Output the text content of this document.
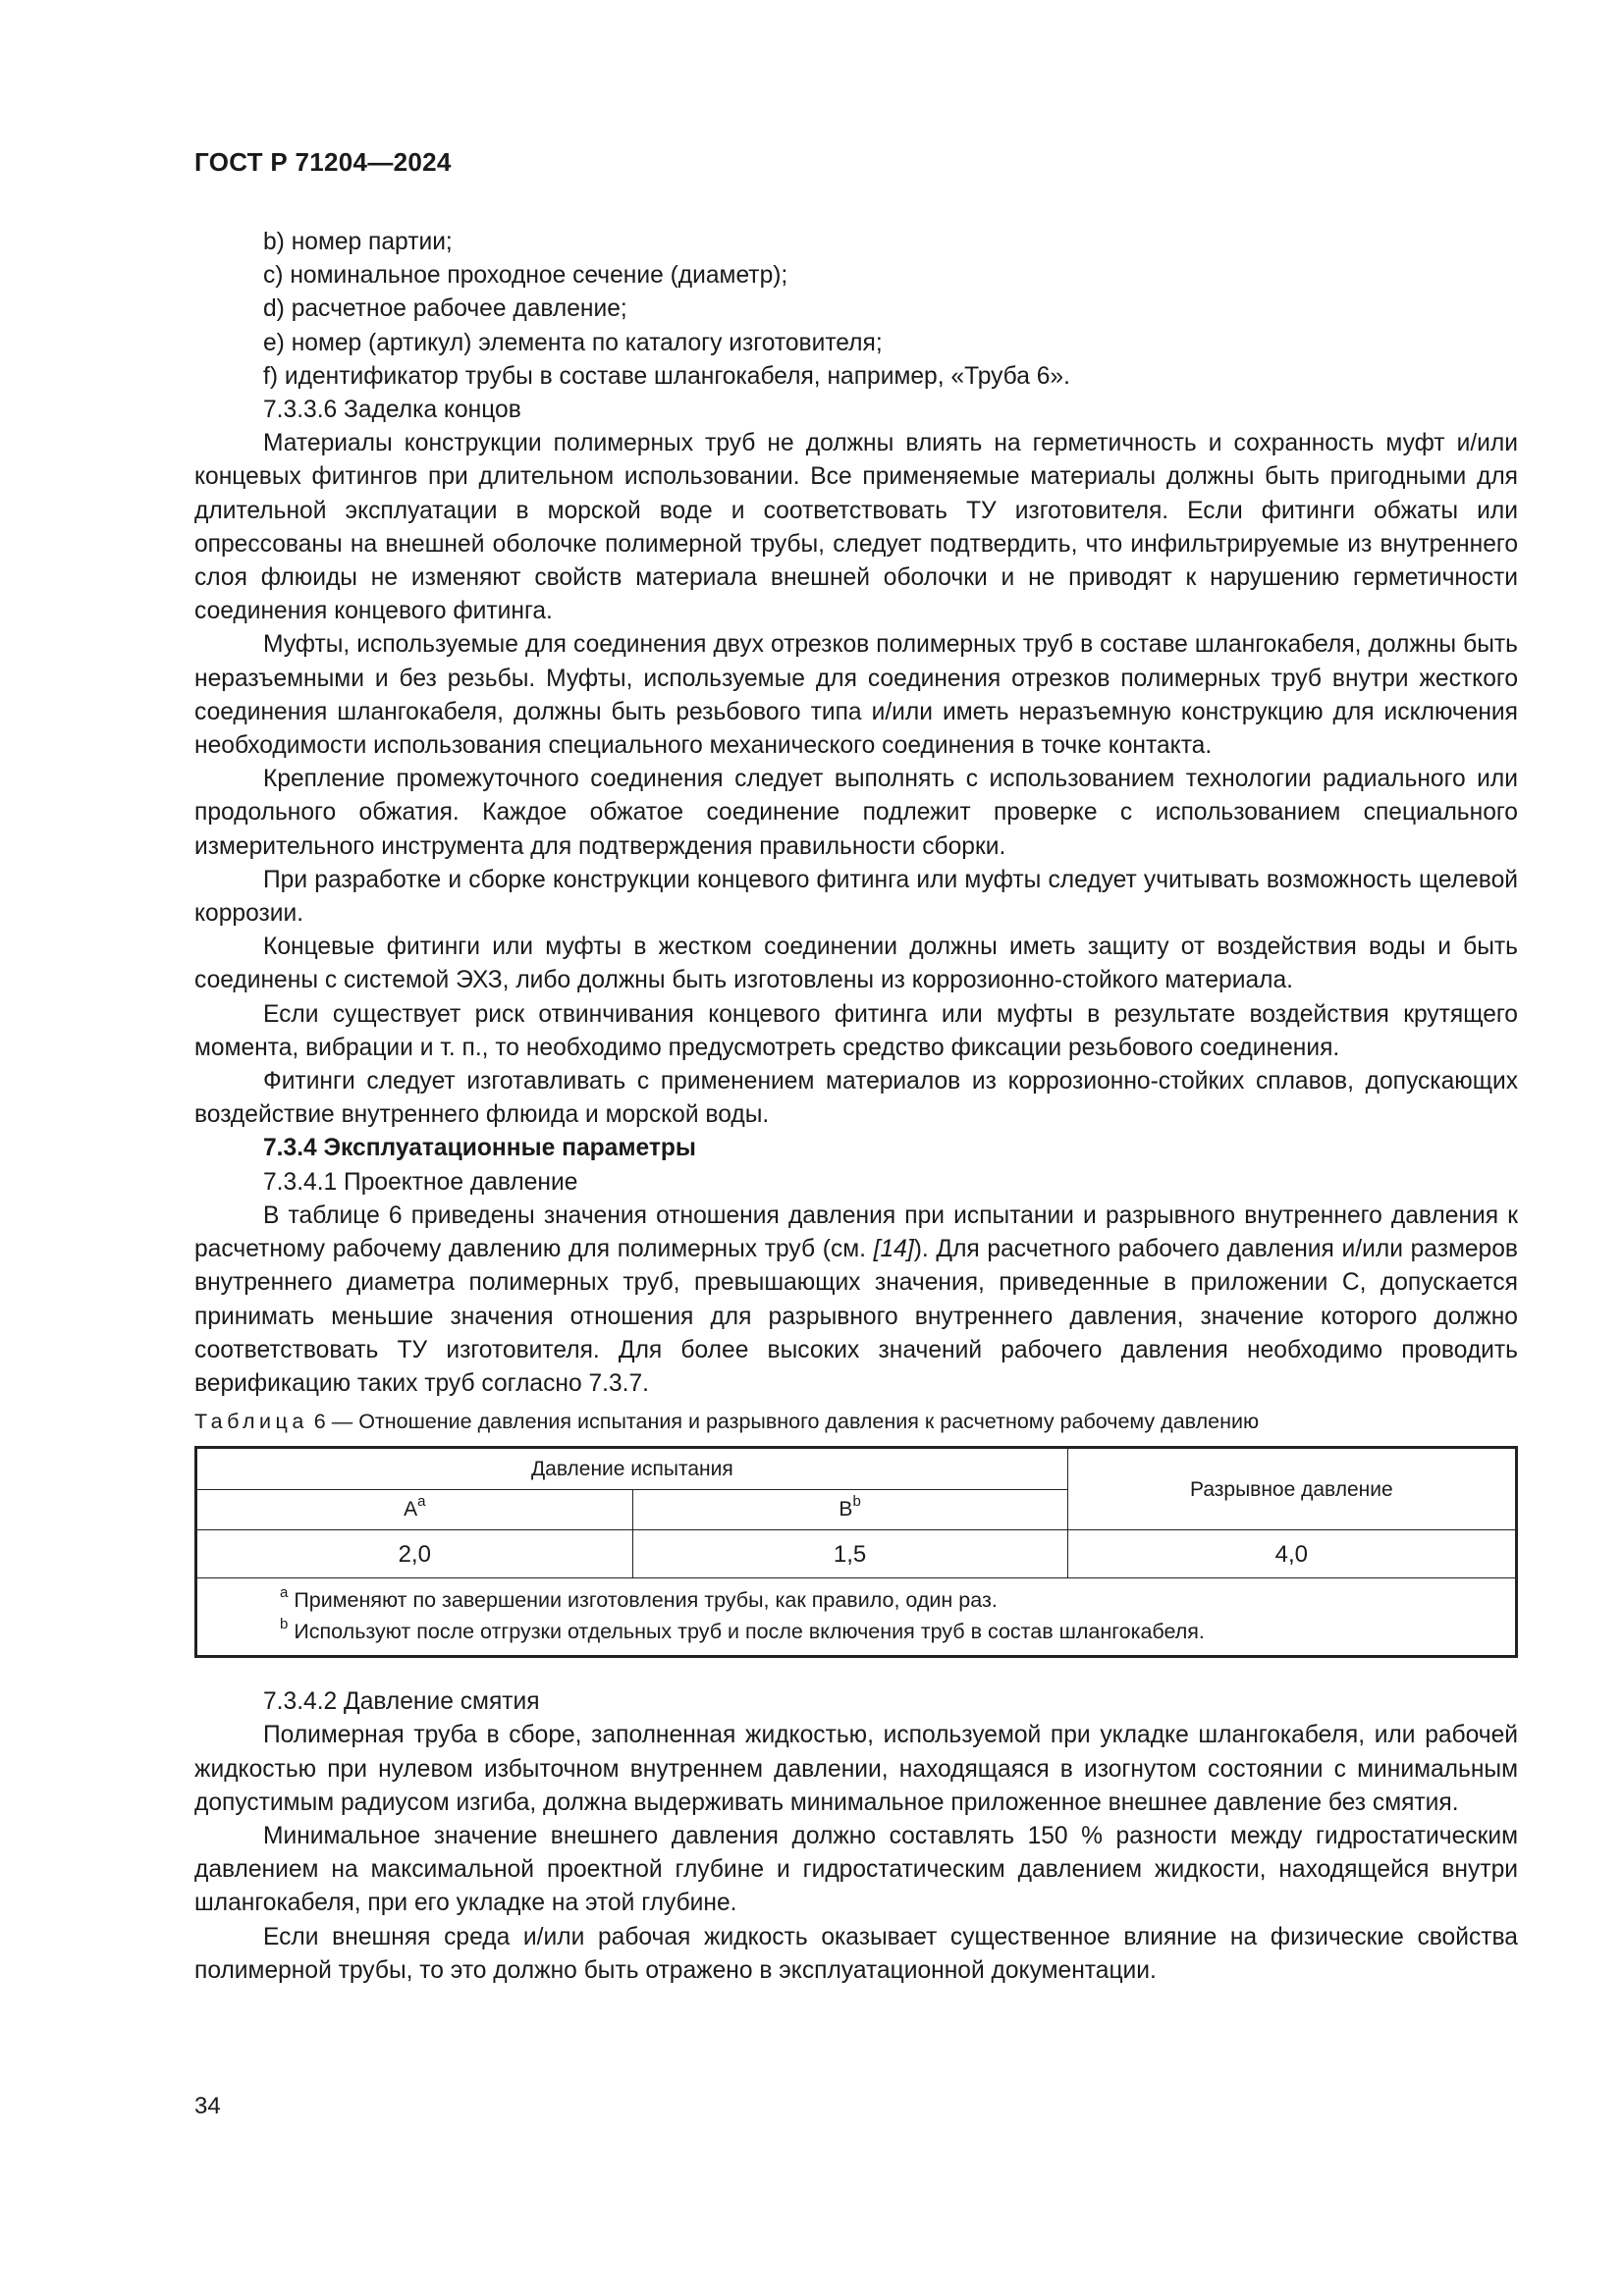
ГОСТ Р 71204—2024

b) номер партии;

c) номинальное проходное сечение (диаметр);

d) расчетное рабочее давление;

e) номер (артикул) элемента по каталогу изготовителя;

f) идентификатор трубы в составе шлангокабеля, например, «Труба 6».

7.3.3.6 Заделка концов

Материалы конструкции полимерных труб не должны влиять на герметичность и сохранность муфт и/или концевых фитингов при длительном использовании. Все применяемые материалы должны быть пригодными для длительной эксплуатации в морской воде и соответствовать ТУ изготовителя. Если фитинги обжаты или опрессованы на внешней оболочке полимерной трубы, следует подтвердить, что инфильтрируемые из внутреннего слоя флюиды не изменяют свойств материала внешней оболочки и не приводят к нарушению герметичности соединения концевого фитинга.

Муфты, используемые для соединения двух отрезков полимерных труб в составе шлангокабеля, должны быть неразъемными и без резьбы. Муфты, используемые для соединения отрезков полимерных труб внутри жесткого соединения шлангокабеля, должны быть резьбового типа и/или иметь неразъемную конструкцию для исключения необходимости использования специального механического соединения в точке контакта.

Крепление промежуточного соединения следует выполнять с использованием технологии радиального или продольного обжатия. Каждое обжатое соединение подлежит проверке с использованием специального измерительного инструмента для подтверждения правильности сборки.

При разработке и сборке конструкции концевого фитинга или муфты следует учитывать возможность щелевой коррозии.

Концевые фитинги или муфты в жестком соединении должны иметь защиту от воздействия воды и быть соединены с системой ЭХЗ, либо должны быть изготовлены из коррозионно-стойкого материала.

Если существует риск отвинчивания концевого фитинга или муфты в результате воздействия крутящего момента, вибрации и т. п., то необходимо предусмотреть средство фиксации резьбового соединения.

Фитинги следует изготавливать с применением материалов из коррозионно-стойких сплавов, допускающих воздействие внутреннего флюида и морской воды.

7.3.4 Эксплуатационные параметры

7.3.4.1 Проектное давление

В таблице 6 приведены значения отношения давления при испытании и разрывного внутреннего давления к расчетному рабочему давлению для полимерных труб (см. [14]). Для расчетного рабочего давления и/или размеров внутреннего диаметра полимерных труб, превышающих значения, приведенные в приложении С, допускается принимать меньшие значения отношения для разрывного внутреннего давления, значение которого должно соответствовать ТУ изготовителя. Для более высоких значений рабочего давления необходимо проводить верификацию таких труб согласно 7.3.7.

Таблица 6 — Отношение давления испытания и разрывного давления к расчетному рабочему давлению

Давление испытания		Разрывное давление
$А^а$	$В^b$
2,0	1,5	4,0

$^а$ Применяют по завершении изготовления трубы, как правило, один раз.
$^b$ Используют после отгрузки отдельных труб и после включения труб в состав шлангокабеля.		

7.3.4.2 Давление смятия

Полимерная труба в сборе, заполненная жидкостью, используемой при укладке шлангокабеля, или рабочей жидкостью при нулевом избыточном внутреннем давлении, находящаяся в изогнутом состоянии с минимальным допустимым радиусом изгиба, должна выдерживать минимальное приложенное внешнее давление без смятия.

Минимальное значение внешнего давления должно составлять 150 % разности между гидростатическим давлением на максимальной проектной глубине и гидростатическим давлением жидкости, находящейся внутри шлангокабеля, при его укладке на этой глубине.

Если внешняя среда и/или рабочая жидкость оказывает существенное влияние на физические свойства полимерной трубы, то это должно быть отражено в эксплуатационной документации.

34
